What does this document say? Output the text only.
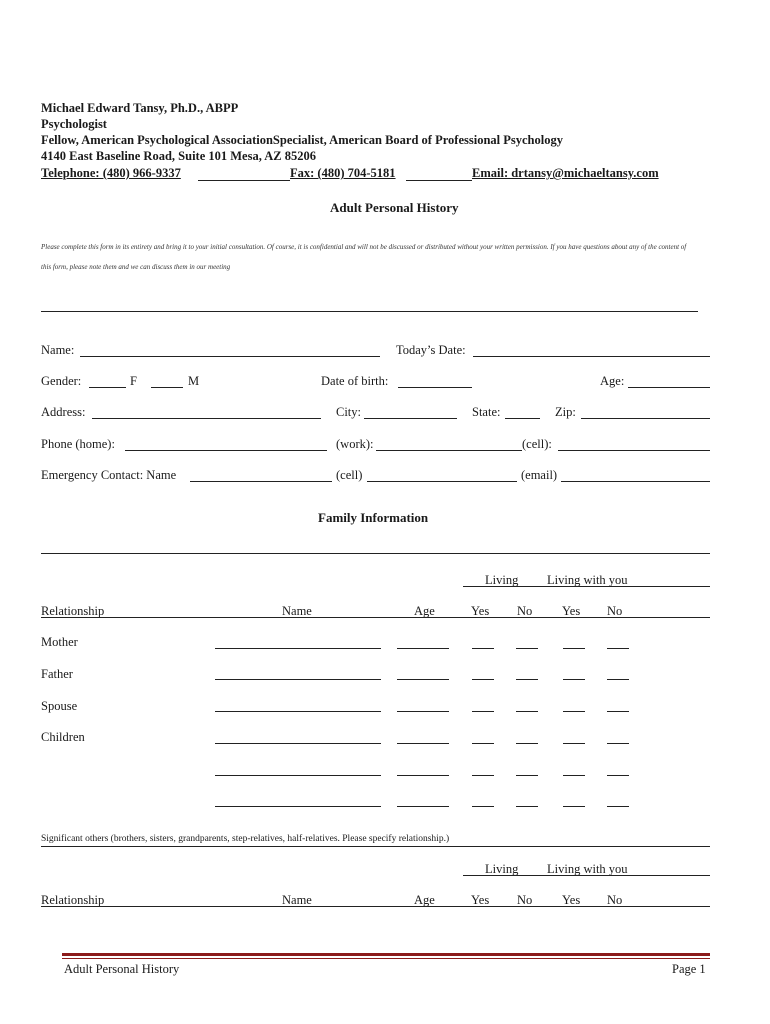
Michael Edward Tansy, Ph.D., ABPP
Psychologist
Fellow, American Psychological AssociationSpecialist, American Board of Professional Psychology
4140 East Baseline Road, Suite 101 Mesa, AZ 85206
Telephone: (480) 966-9337	Fax: (480) 704-5181	Email: drtansy@michaeltansy.com
Adult Personal History
Please complete this form in its entirety and bring it to your initial consultation. Of course, it is confidential and will not be discussed or distributed without your written permission. If you have questions about any of the content of
this form, please note them and we can discuss them in our meeting
Name:	Today’s Date:
Gender:	F	M	Date of birth:	Age:
Address:	City:	State:	Zip:
Phone (home):	(work):	(cell):
Emergency Contact: Name	(cell)	(email)
Family Information
Living Living with you
Relationship	Name	Age	Yes No Yes No
Mother
Father
Spouse
Children
Significant others (brothers, sisters, grandparents, step-relatives, half-relatives. Please specify relationship.)
Living Living with you
Relationship	Name	Age	Yes No Yes No
Adult Personal History	Page 1
